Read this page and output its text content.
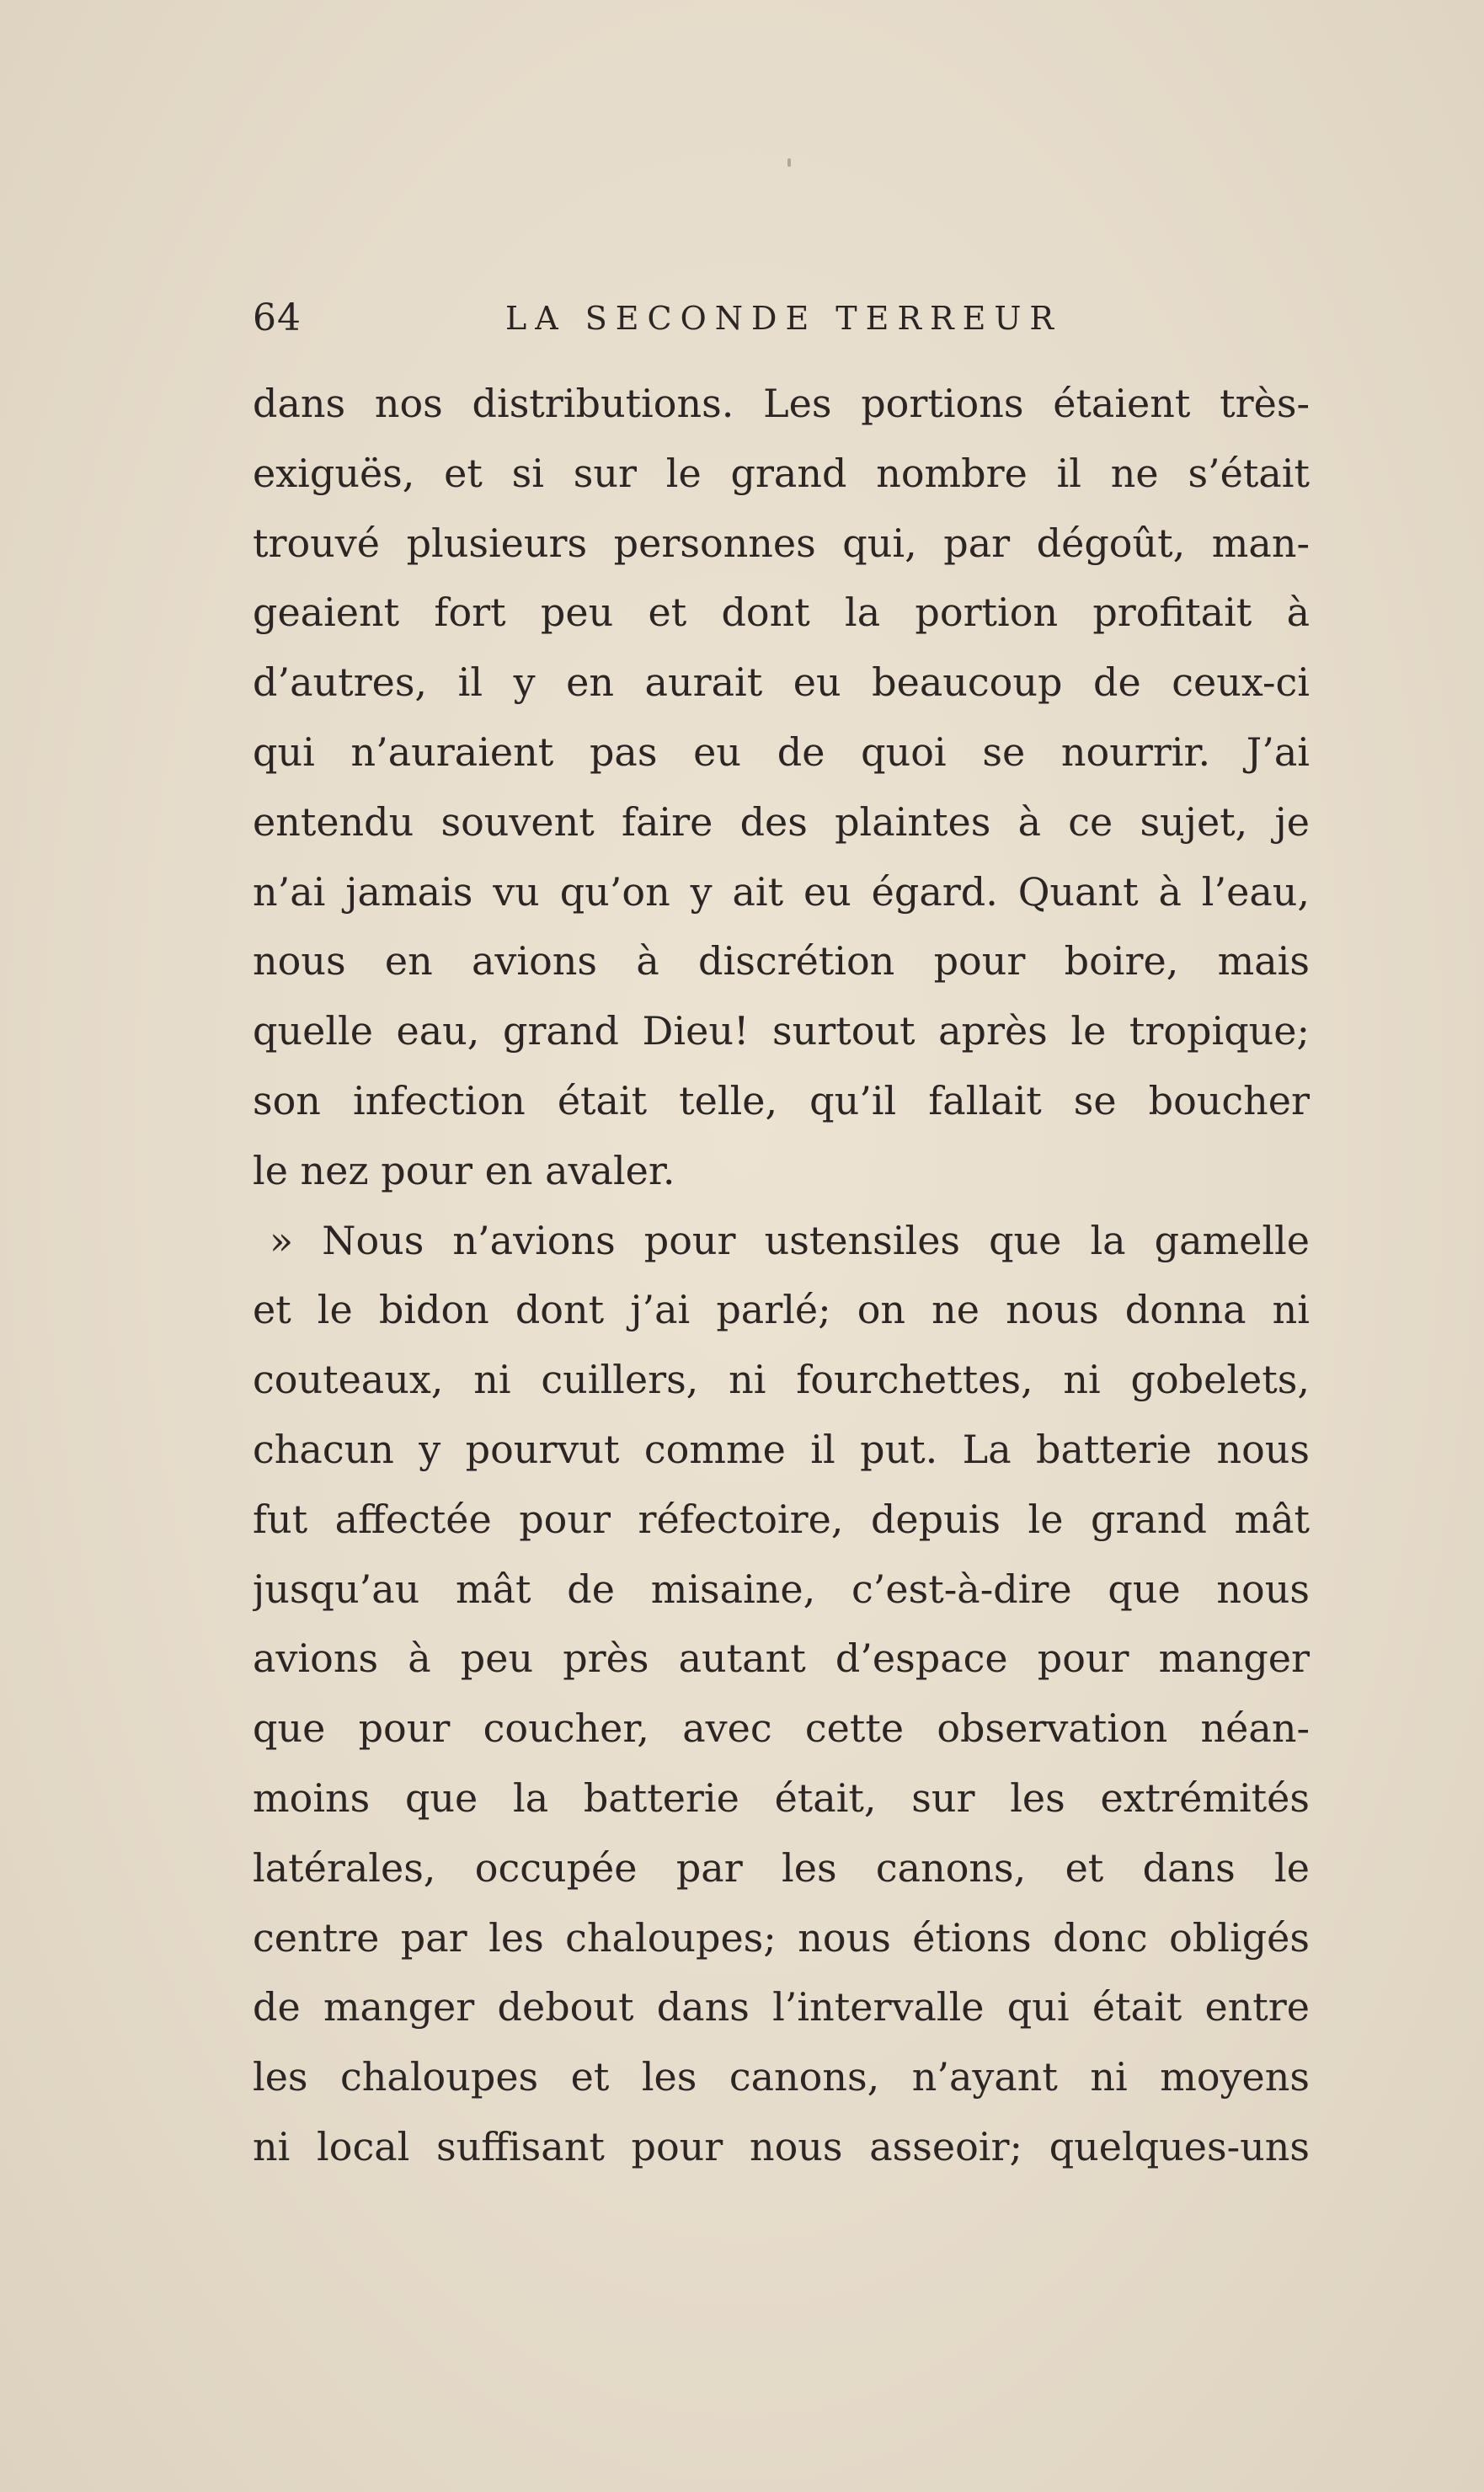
64	LA SECONDE TERREUR
dans nos distributions. Les portions étaient très-
exiguës, et si sur le grand nombre il ne s’était
trouvé plusieurs personnes qui, par dégoût, man-
geaient fort peu et dont la portion profitait à
d’autres, il y en aurait eu beaucoup de ceux-ci
qui n’auraient pas eu de quoi se nourrir. J’ai
entendu souvent faire des plaintes à ce sujet, je
n’ai jamais vu qu’on y ait eu égard. Quant à l’eau,
nous en avions à discrétion pour boire, mais
quelle eau, grand Dieu! surtout après le tropique;
son infection était telle, qu’il fallait se boucher
le nez pour en avaler.
» Nous n’avions pour ustensiles que la gamelle
et le bidon dont j’ai parlé; on ne nous donna ni
couteaux, ni cuillers, ni fourchettes, ni gobelets,
chacun y pourvut comme il put. La batterie nous
fut affectée pour réfectoire, depuis le grand mât
jusqu’au mât de misaine, c’est-à-dire que nous
avions à peu près autant d’espace pour manger
que pour coucher, avec cette observation néan-
moins que la batterie était, sur les extrémités
latérales, occupée par les canons, et dans le
centre par les chaloupes; nous étions donc obligés
de manger debout dans l’intervalle qui était entre
les chaloupes et les canons, n’ayant ni moyens
ni local suffisant pour nous asseoir; quelques-uns
